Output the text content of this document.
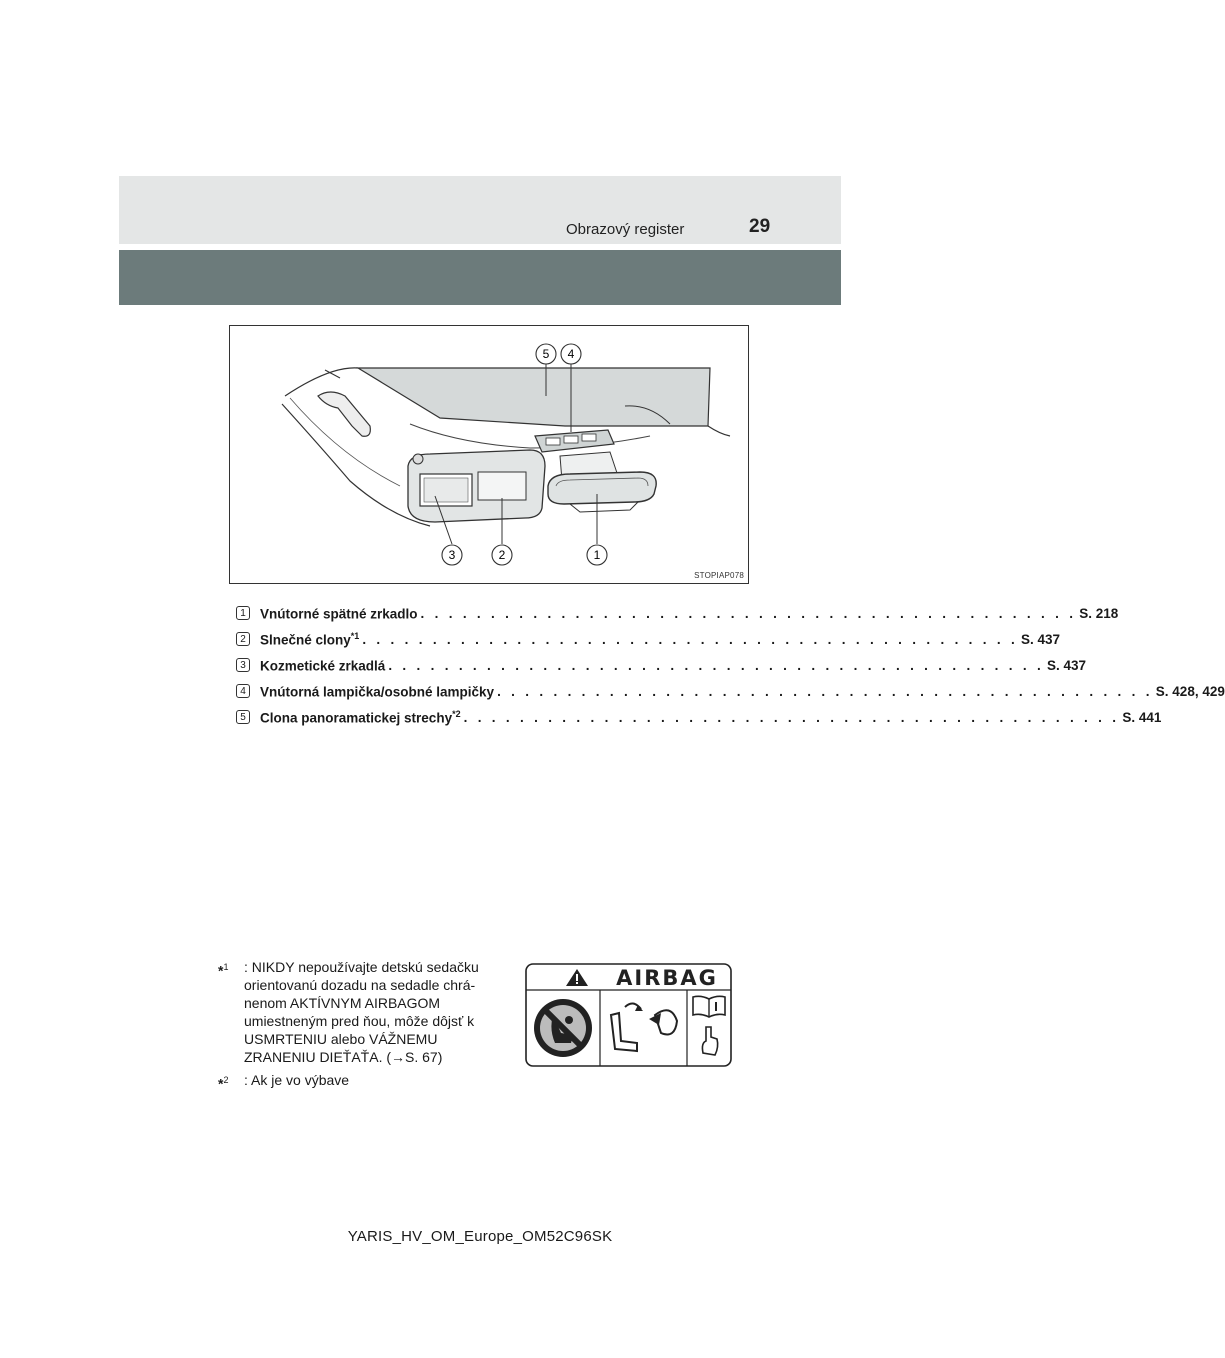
Obrazový register	29
5 4
3	2	1
STOPIAP078
1	Vnútorné spätné zrkadlo . . . . . . . . . . . . . . . . . . . . . . . . . . . . . . . . . . . . . . . . . . . . . . . S. 218
2	Slnečné clony$^{*1}$ . . . . . . . . . . . . . . . . . . . . . . . . . . . . . . . . . . . . . . . . . . . . . . . S. 437
3	Kozmetické zrkadlá . . . . . . . . . . . . . . . . . . . . . . . . . . . . . . . . . . . . . . . . . . . . . . . S. 437
4	Vnútorná lampička/osobné lampičky . . . . . . . . . . . . . . . . . . . . . . . . . . . . . . . . . . . . . . . . . . . . . . . S. 428, 429
5	Clona panoramatickej strechy$^{*2}$ . . . . . . . . . . . . . . . . . . . . . . . . . . . . . . . . . . . . . . . . . . . . . . . S. 441
*$^1$	: NIKDY nepoužívajte detskú sedačku orientovanú dozadu na sedadle chrá- nenom AKTÍVNYM AIRBAGOM umiestneným pred ňou, môže dôjsť k USMRTENIU alebo VÁŽNEMU ZRANENIU DIEŤAŤA. (→S. 67)
*$^2$	: Ak je vo výbave
AIRBAG
YARIS_HV_OM_Europe_OM52C96SK
